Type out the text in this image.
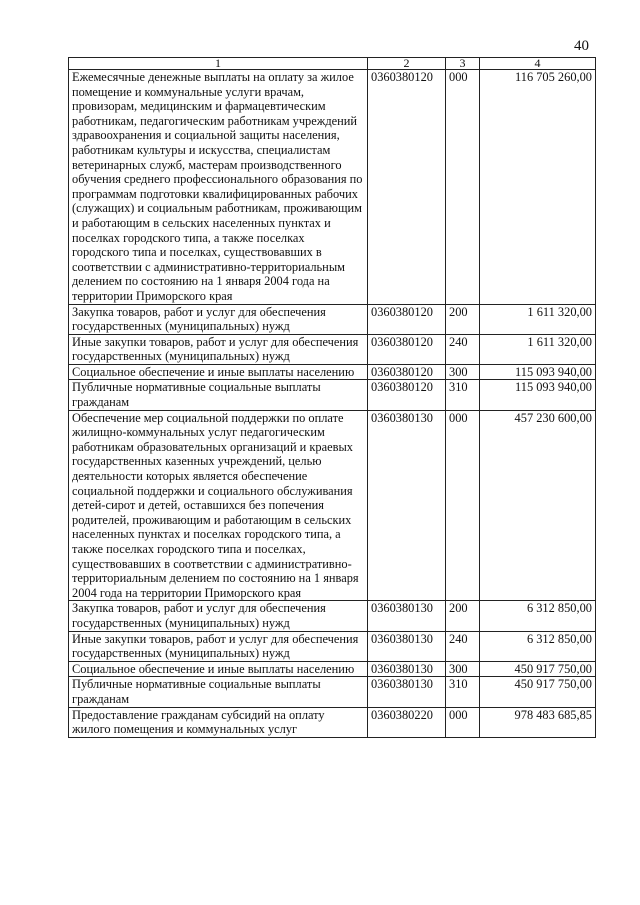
40
1	2	3	4
Ежемесячные денежные выплаты на оплату за жилое помещение и коммунальные услуги врачам, провизорам, медицинским и фармацевтическим работникам, педагогическим работникам учреждений здравоохранения и социальной защиты населения, работникам культуры и искусства, специалистам ветеринарных служб, мастерам производственного обучения среднего профессионального образования по программам подготовки квалифицированных рабочих (служащих) и социальным работникам, проживающим и работающим в сельских населенных пунктах и поселках городского типа, а также поселках городского типа и поселках, существовавших в соответствии с административно-территориальным делением по состоянию на 1 января 2004 года на территории Приморского края	0360380120	000	116 705 260,00
Закупка товаров, работ и услуг для обеспечения государственных (муниципальных) нужд	0360380120	200	1 611 320,00
Иные закупки товаров, работ и услуг для обеспечения государственных (муниципальных) нужд	0360380120	240	1 611 320,00
Социальное обеспечение и иные выплаты населению	0360380120	300	115 093 940,00
Публичные нормативные социальные выплаты гражданам	0360380120	310	115 093 940,00
Обеспечение мер социальной поддержки по оплате жилищно-коммунальных услуг педагогическим работникам образовательных организаций и краевых государственных казенных учреждений, целью деятельности которых является обеспечение социальной поддержки и социального обслуживания детей-сирот и детей, оставшихся без попечения родителей, проживающим и работающим в сельских населенных пунктах и поселках городского типа, а также поселках городского типа и поселках, существовавших в соответствии с административно-территориальным делением по состоянию на 1 января 2004 года на территории Приморского края	0360380130	000	457 230 600,00
Закупка товаров, работ и услуг для обеспечения государственных (муниципальных) нужд	0360380130	200	6 312 850,00
Иные закупки товаров, работ и услуг для обеспечения государственных (муниципальных) нужд	0360380130	240	6 312 850,00
Социальное обеспечение и иные выплаты населению	0360380130	300	450 917 750,00
Публичные нормативные социальные выплаты гражданам	0360380130	310	450 917 750,00
Предоставление гражданам субсидий на оплату жилого помещения и коммунальных услуг	0360380220	000	978 483 685,85
